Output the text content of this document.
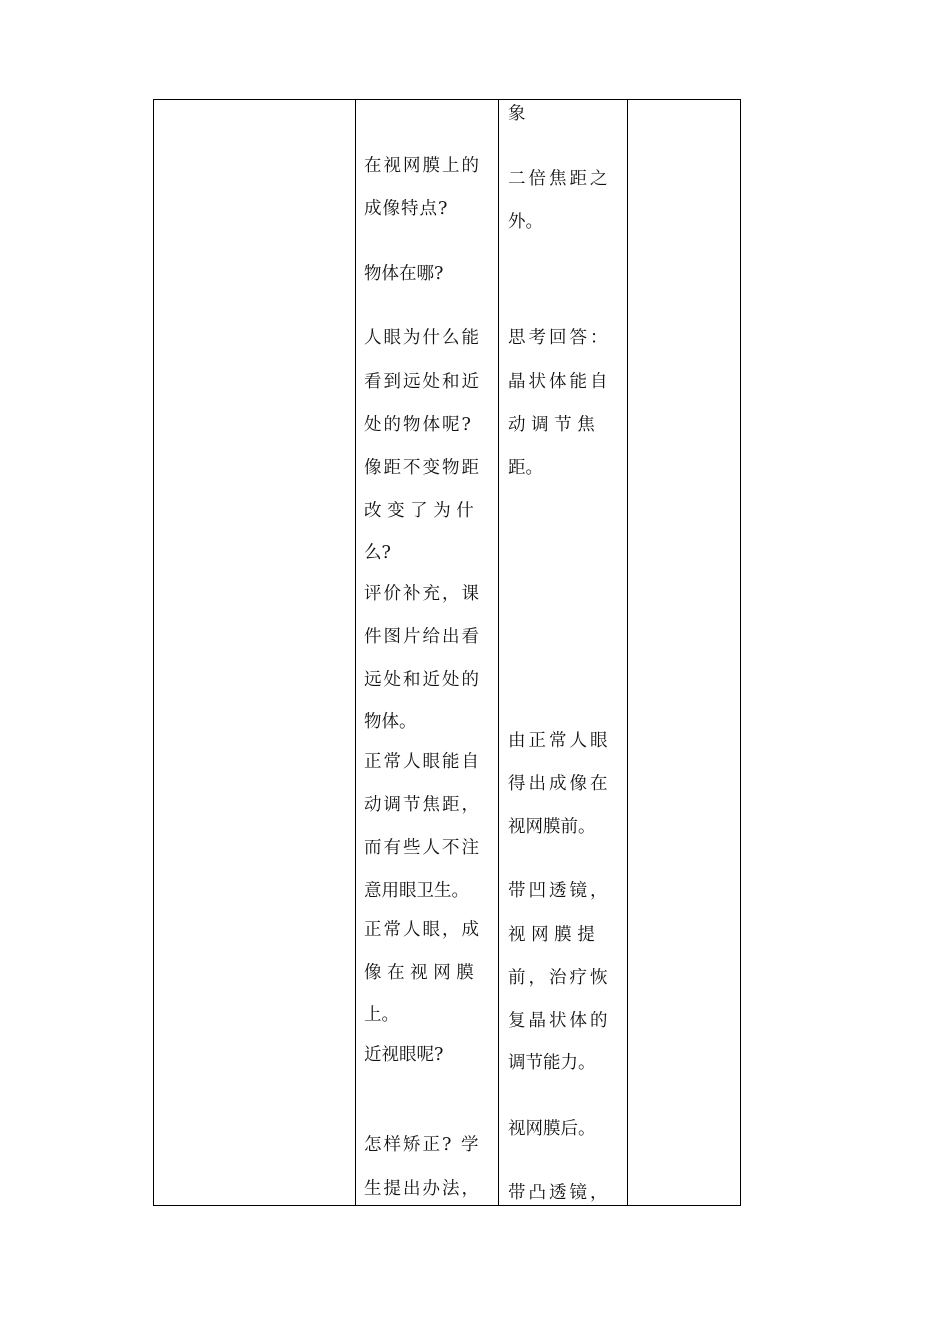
在视网膜上的

成像特点?

物体在哪?

人眼为什么能

看到远处和近

处的物体呢?

像距不变物距

改 变 了 为 什

么?

评价补充，课

件图片给出看

远处和近处的

物体。

正常人眼能自

动调节焦距，

而有些人不注

意用眼卫生。

正常人眼，成

像 在 视 网 膜

上。

近视眼呢?

怎样矫正? 学

生提出办法，

象

二倍焦距之

外。

思考回答：

晶状体能自

动 调 节 焦

距。

由正常人眼

得出成像在

视网膜前。

带凹透镜，

视 网 膜 提

前，治疗恢

复晶状体的

调节能力。

视网膜后。

带凸透镜，
